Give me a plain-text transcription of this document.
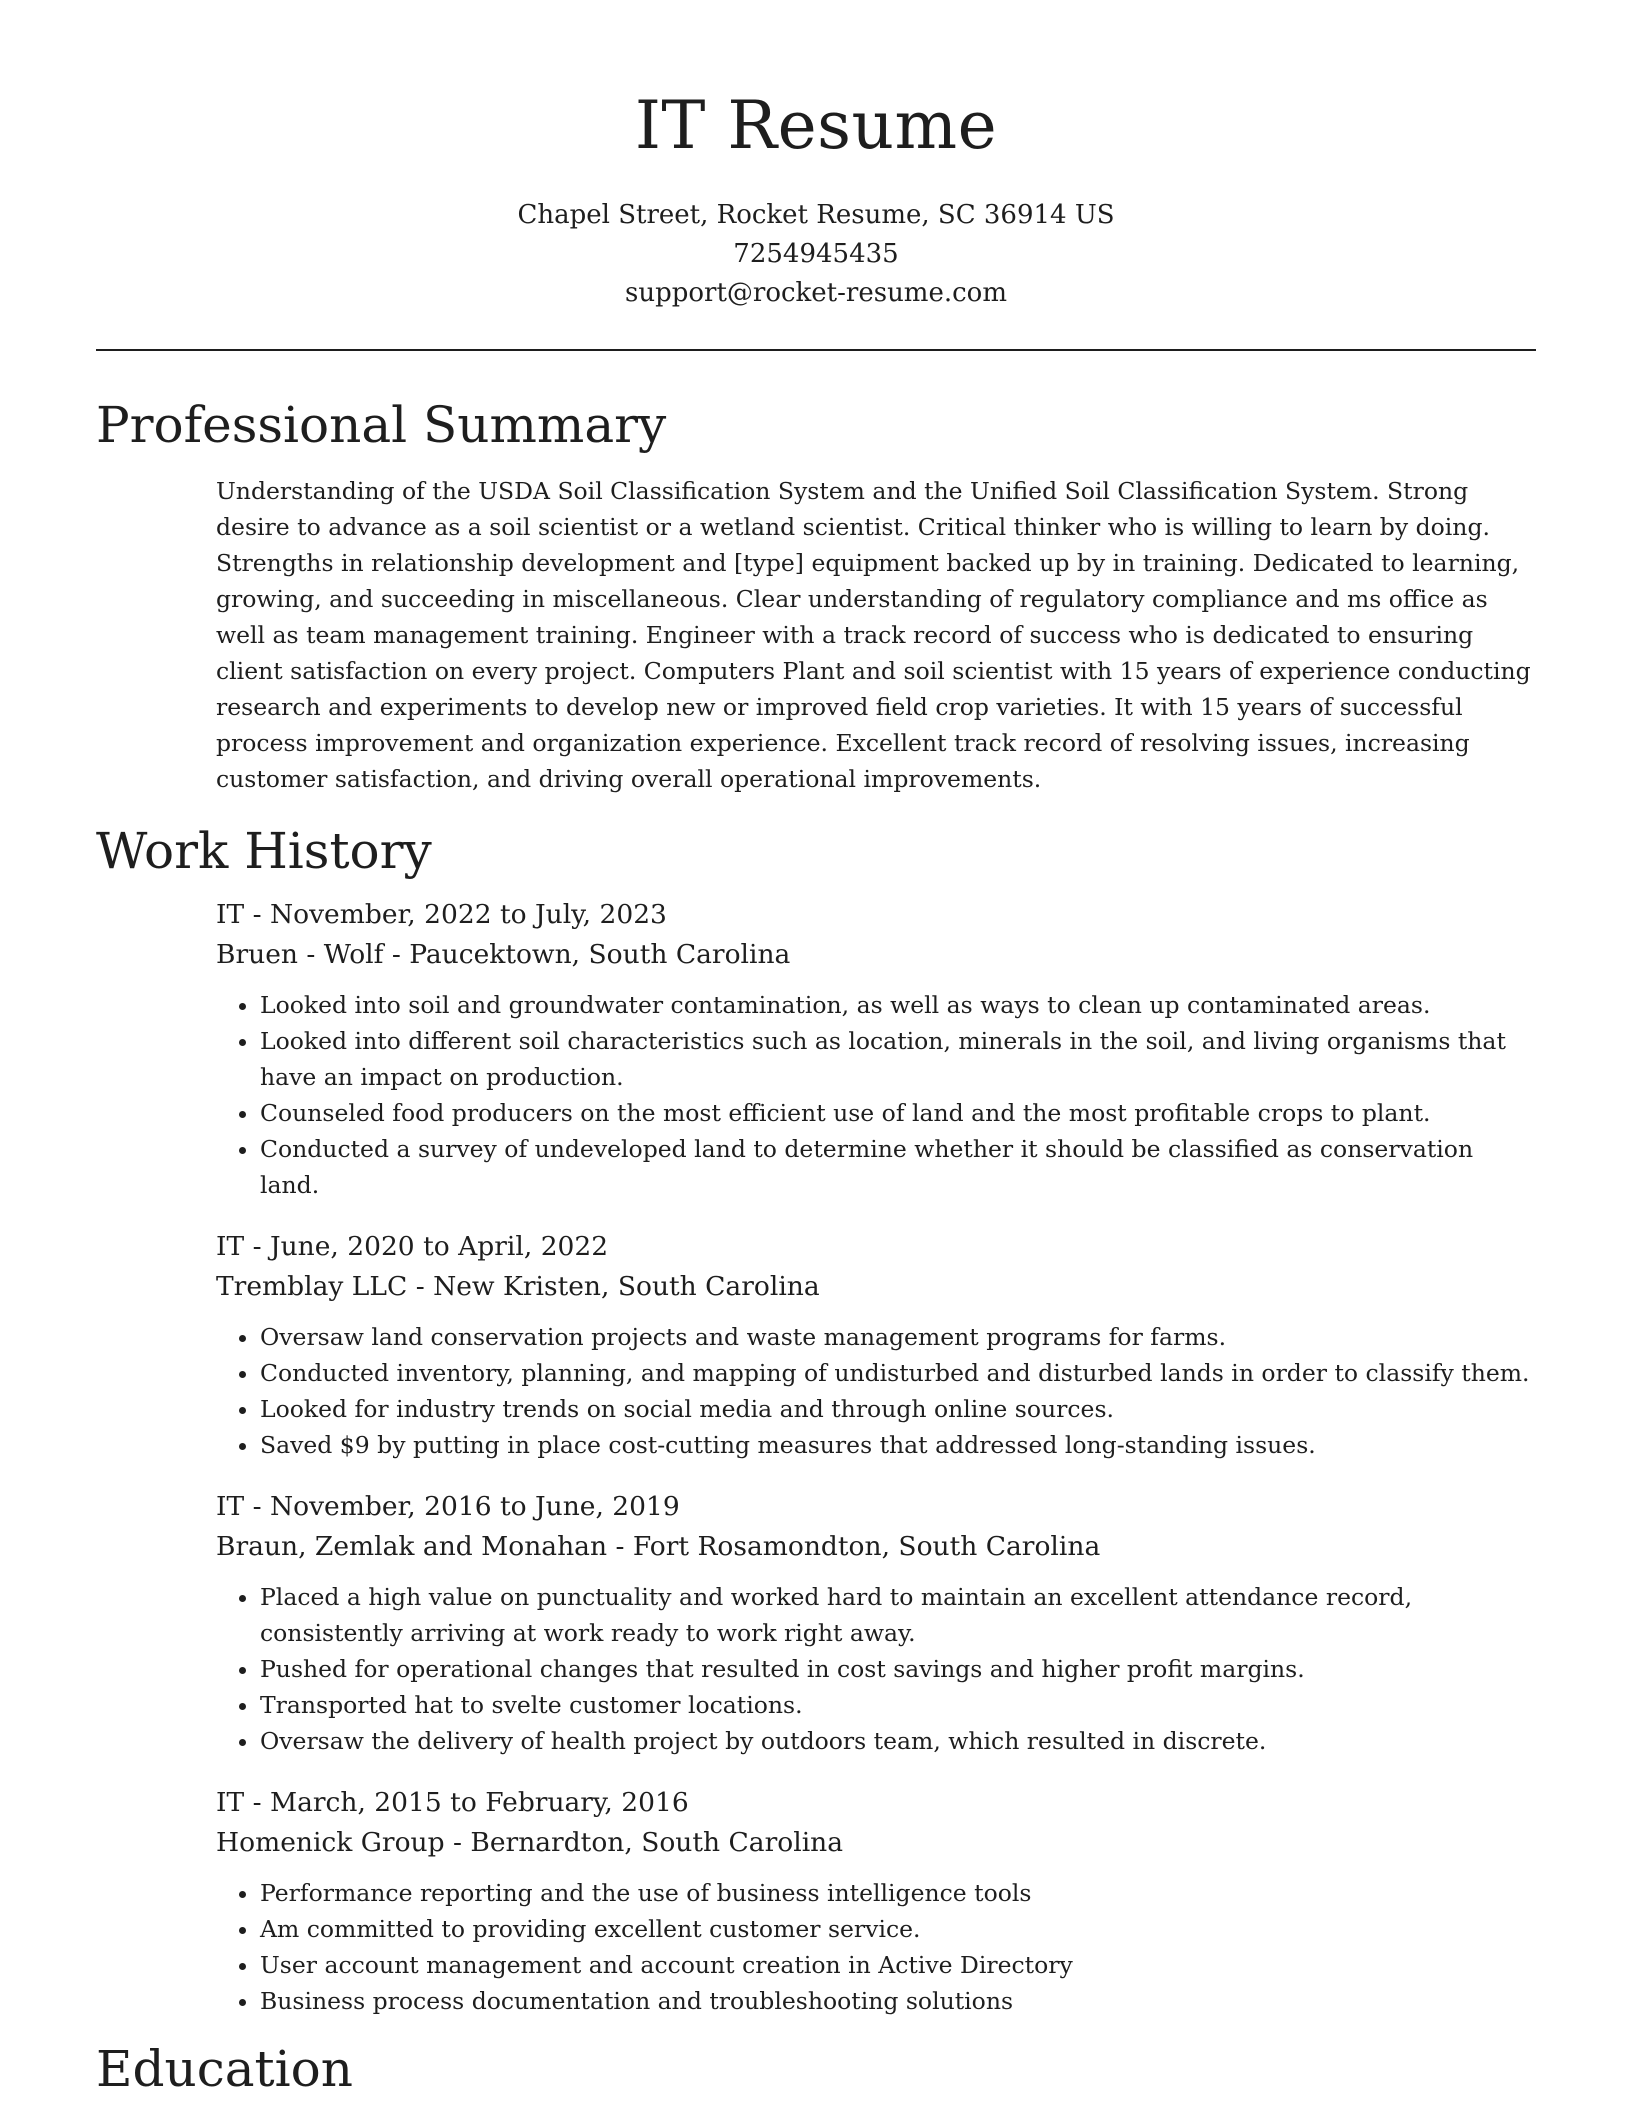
IT Resume
Chapel Street, Rocket Resume, SC 36914 US
7254945435
support@rocket-resume.com
Professional Summary
Understanding of the USDA Soil Classification System and the Unified Soil Classification System. Strong desire to advance as a soil scientist or a wetland scientist. Critical thinker who is willing to learn by doing. Strengths in relationship development and [type] equipment backed up by in training. Dedicated to learning, growing, and succeeding in miscellaneous. Clear understanding of regulatory compliance and ms office as well as team management training. Engineer with a track record of success who is dedicated to ensuring client satisfaction on every project. Computers Plant and soil scientist with 15 years of experience conducting research and experiments to develop new or improved field crop varieties. It with 15 years of successful process improvement and organization experience. Excellent track record of resolving issues, increasing customer satisfaction, and driving overall operational improvements.
Work History
IT - November, 2022 to July, 2023
Bruen - Wolf - Paucektown, South Carolina
• Looked into soil and groundwater contamination, as well as ways to clean up contaminated areas.
• Looked into different soil characteristics such as location, minerals in the soil, and living organisms that have an impact on production.
• Counseled food producers on the most efficient use of land and the most profitable crops to plant.
• Conducted a survey of undeveloped land to determine whether it should be classified as conservation land.
IT - June, 2020 to April, 2022
Tremblay LLC - New Kristen, South Carolina
• Oversaw land conservation projects and waste management programs for farms.
• Conducted inventory, planning, and mapping of undisturbed and disturbed lands in order to classify them.
• Looked for industry trends on social media and through online sources.
• Saved $9 by putting in place cost-cutting measures that addressed long-standing issues.
IT - November, 2016 to June, 2019
Braun, Zemlak and Monahan - Fort Rosamondton, South Carolina
• Placed a high value on punctuality and worked hard to maintain an excellent attendance record, consistently arriving at work ready to work right away.
• Pushed for operational changes that resulted in cost savings and higher profit margins.
• Transported hat to svelte customer locations.
• Oversaw the delivery of health project by outdoors team, which resulted in discrete.
IT - March, 2015 to February, 2016
Homenick Group - Bernardton, South Carolina
• Performance reporting and the use of business intelligence tools
• Am committed to providing excellent customer service.
• User account management and account creation in Active Directory
• Business process documentation and troubleshooting solutions
Education
